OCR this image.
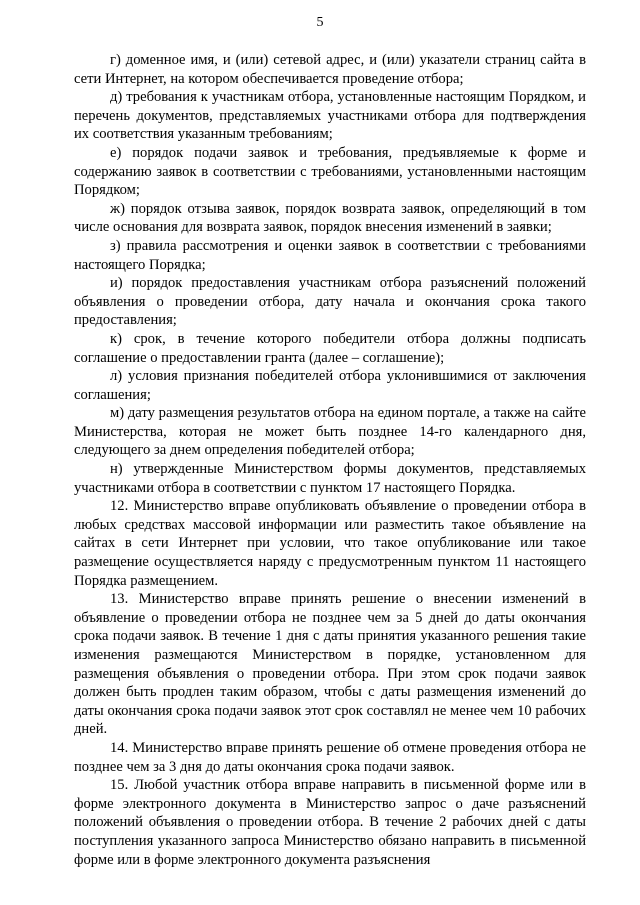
5

г) доменное имя, и (или) сетевой адрес, и (или) указатели страниц сайта в сети Интернет, на котором обеспечивается проведение отбора;

д) требования к участникам отбора, установленные настоящим Порядком, и перечень документов, представляемых участниками отбора для подтверждения их соответствия указанным требованиям;

е) порядок подачи заявок и требования, предъявляемые к форме и содержанию заявок в соответствии с требованиями, установленными настоящим Порядком;

ж) порядок отзыва заявок, порядок возврата заявок, определяющий в том числе основания для возврата заявок, порядок внесения изменений в заявки;

з) правила рассмотрения и оценки заявок в соответствии с требованиями настоящего Порядка;

и) порядок предоставления участникам отбора разъяснений положений объявления о проведении отбора, дату начала и окончания срока такого предоставления;

к) срок, в течение которого победители отбора должны подписать соглашение о предоставлении гранта (далее – соглашение);

л) условия признания победителей отбора уклонившимися от заключения соглашения;

м) дату размещения результатов отбора на едином портале, а также на сайте Министерства, которая не может быть позднее 14-го календарного дня, следующего за днем определения победителей отбора;

н) утвержденные Министерством формы документов, представляемых участниками отбора в соответствии с пунктом 17 настоящего Порядка.

12. Министерство вправе опубликовать объявление о проведении отбора в любых средствах массовой информации или разместить такое объявление на сайтах в сети Интернет при условии, что такое опубликование или такое размещение осуществляется наряду с предусмотренным пунктом 11 настоящего Порядка размещением.

13. Министерство вправе принять решение о внесении изменений в объявление о проведении отбора не позднее чем за 5 дней до даты окончания срока подачи заявок. В течение 1 дня с даты принятия указанного решения такие изменения размещаются Министерством в порядке, установленном для размещения объявления о проведении отбора. При этом срок подачи заявок должен быть продлен таким образом, чтобы с даты размещения изменений до даты окончания срока подачи заявок этот срок составлял не менее чем 10 рабочих дней.

14. Министерство вправе принять решение об отмене проведения отбора не позднее чем за 3 дня до даты окончания срока подачи заявок.

15. Любой участник отбора вправе направить в письменной форме или в форме электронного документа в Министерство запрос о даче разъяснений положений объявления о проведении отбора. В течение 2 рабочих дней с даты поступления указанного запроса Министерство обязано направить в письменной форме или в форме электронного документа разъяснения
